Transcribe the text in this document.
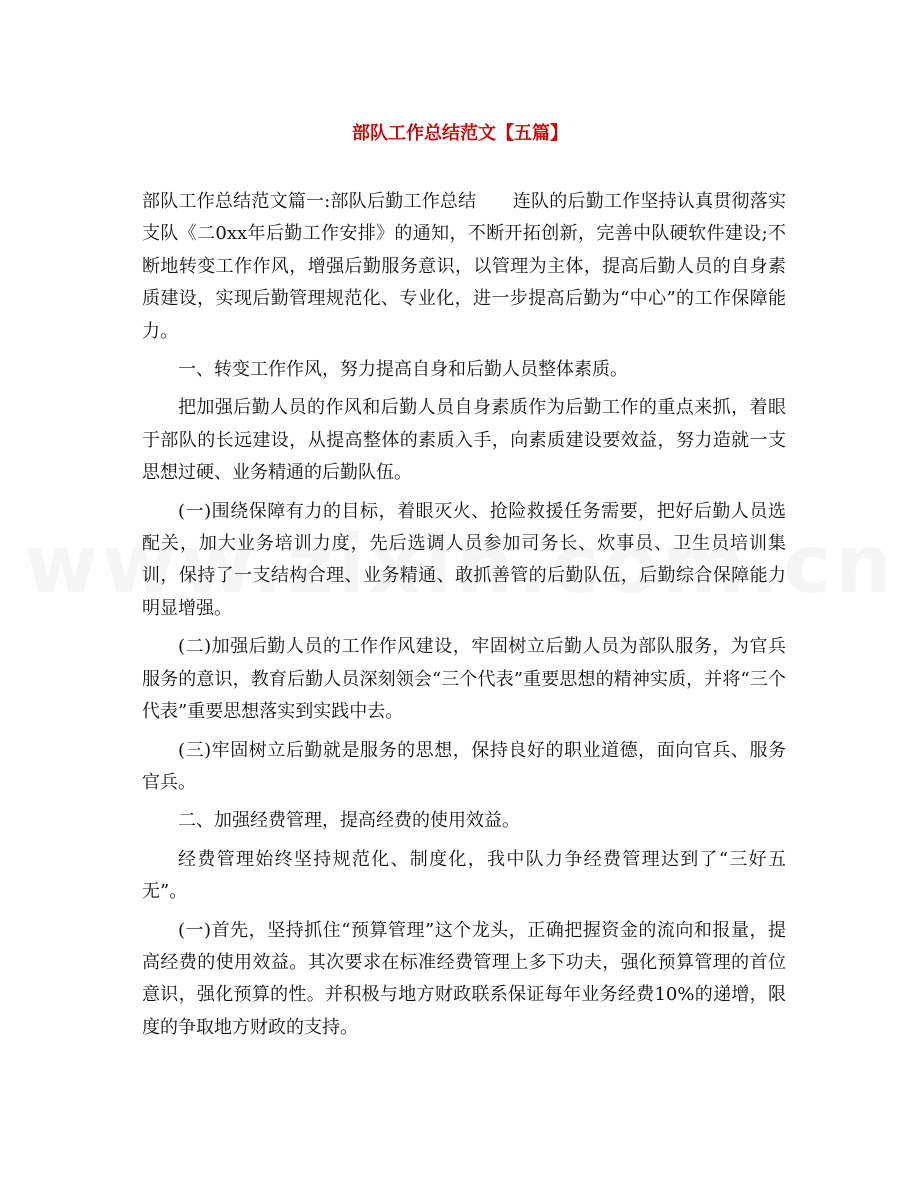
部队工作总结范文【五篇】

部队工作总结范文篇一:部队后勤工作总结　　连队的后勤工作坚持认真贯彻落实支队《二0xx年后勤工作安排》的通知，不断开拓创新，完善中队硬软件建设;不断地转变工作作风，增强后勤服务意识，以管理为主体，提高后勤人员的自身素质建设，实现后勤管理规范化、专业化，进一步提高后勤为“中心”的工作保障能力。

一、转变工作作风，努力提高自身和后勤人员整体素质。

把加强后勤人员的作风和后勤人员自身素质作为后勤工作的重点来抓，着眼于部队的长远建设，从提高整体的素质入手，向素质建设要效益，努力造就一支思想过硬、业务精通的后勤队伍。

(一)围绕保障有力的目标，着眼灭火、抢险救援任务需要，把好后勤人员选配关，加大业务培训力度，先后选调人员参加司务长、炊事员、卫生员培训集训，保持了一支结构合理、业务精通、敢抓善管的后勤队伍，后勤综合保障能力明显增强。

(二)加强后勤人员的工作作风建设，牢固树立后勤人员为部队服务，为官兵服务的意识，教育后勤人员深刻领会“三个代表”重要思想的精神实质，并将“三个代表”重要思想落实到实践中去。

(三)牢固树立后勤就是服务的思想，保持良好的职业道德，面向官兵、服务官兵。

二、加强经费管理，提高经费的使用效益。

经费管理始终坚持规范化、制度化，我中队力争经费管理达到了“三好五无”。

(一)首先，坚持抓住“预算管理”这个龙头，正确把握资金的流向和报量，提高经费的使用效益。其次要求在标准经费管理上多下功夫，强化预算管理的首位意识，强化预算的性。并积极与地方财政联系保证每年业务经费10%的递增，限度的争取地方财政的支持。
